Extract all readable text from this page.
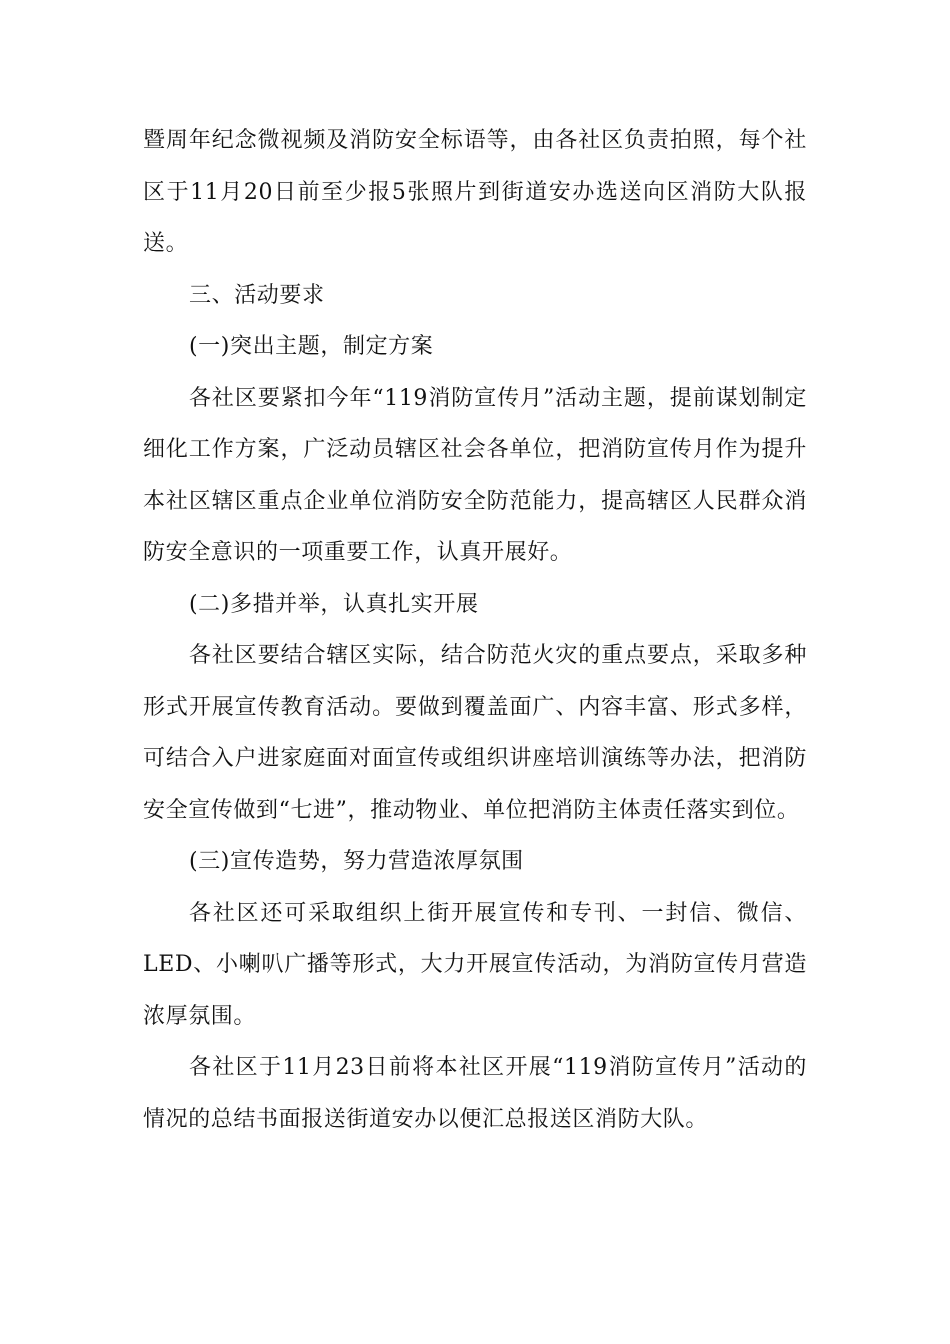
暨周年纪念微视频及消防安全标语等，由各社区负责拍照，每个社区于11月20日前至少报5张照片到街道安办选送向区消防大队报送。

三、活动要求

(一)突出主题，制定方案

各社区要紧扣今年“119消防宣传月”活动主题，提前谋划制定细化工作方案，广泛动员辖区社会各单位，把消防宣传月作为提升本社区辖区重点企业单位消防安全防范能力，提高辖区人民群众消防安全意识的一项重要工作，认真开展好。

(二)多措并举，认真扎实开展

各社区要结合辖区实际，结合防范火灾的重点要点，采取多种形式开展宣传教育活动。要做到覆盖面广、内容丰富、形式多样，可结合入户进家庭面对面宣传或组织讲座培训演练等办法，把消防安全宣传做到“七进”，推动物业、单位把消防主体责任落实到位。

(三)宣传造势，努力营造浓厚氛围

各社区还可采取组织上街开展宣传和专刊、一封信、微信、LED、小喇叭广播等形式，大力开展宣传活动，为消防宣传月营造浓厚氛围。

各社区于11月23日前将本社区开展“119消防宣传月”活动的情况的总结书面报送街道安办以便汇总报送区消防大队。
